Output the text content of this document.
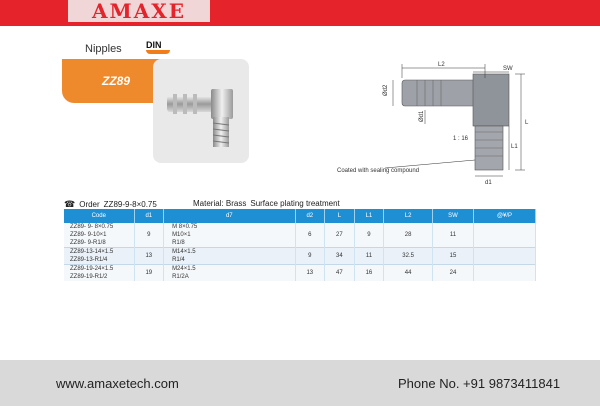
AMAXE
Nipples	DIN
ZZ89
L2
SW
Ød2
Ød1
L
L1
1 : 16
d1
Coated with sealing compound
☎ Order ZZ89-9-8×0.75	Material: Brass Surface plating treatment
Code	d1	d7	d2	L	L1	L2	SW	@¥/P
ZZ89- 9- 8×0.75	9	M 8×0.75	6	27	9	28	11	
ZZ89- 9-10×1		M10×1						
ZZ89- 9-R1/8		R1/8						
ZZ89-13-14×1.5	13	M14×1.5	9	34	11	32.5	15	
ZZ89-13-R1/4		R1/4						
ZZ89-19-24×1.5	19	M24×1.5	13	47	16	44	24	
ZZ89-19-R1/2		R1/2A						
www.amaxetech.com	Phone No. +91 9873411841
